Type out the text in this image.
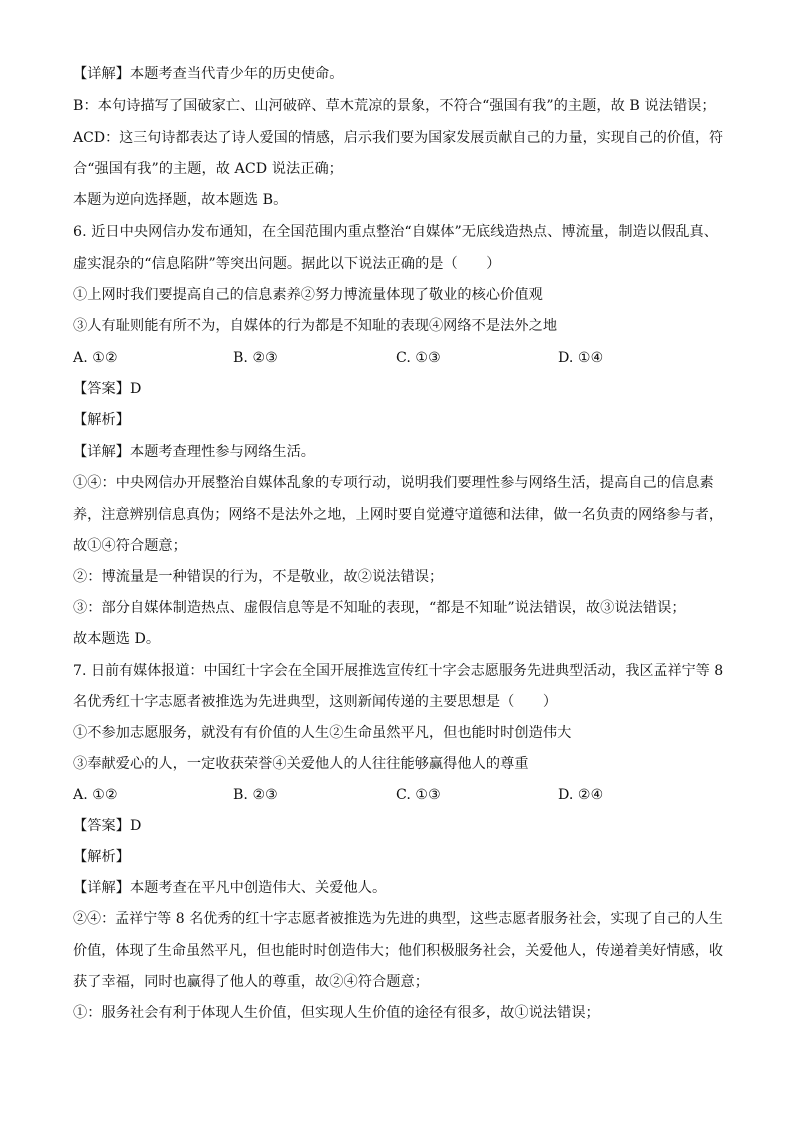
【详解】本题考查当代青少年的历史使命。
B：本句诗描写了国破家亡、山河破碎、草木荒凉的景象，不符合“强国有我”的主题，故 B 说法错误；
ACD：这三句诗都表达了诗人爱国的情感，启示我们要为国家发展贡献自己的力量，实现自己的价值，符
合“强国有我”的主题，故 ACD 说法正确；
本题为逆向选择题，故本题选 B。
6. 近日中央网信办发布通知，在全国范围内重点整治“自媒体”无底线造热点、博流量，制造以假乱真、
虚实混杂的“信息陷阱”等突出问题。据此以下说法正确的是（　　）
①上网时我们要提高自己的信息素养②努力博流量体现了敬业的核心价值观
③人有耻则能有所不为，自媒体的行为都是不知耻的表现④网络不是法外之地
A. ①②	B. ②③	C. ①③	D. ①④
【答案】D
【解析】
【详解】本题考查理性参与网络生活。
①④：中央网信办开展整治自媒体乱象的专项行动，说明我们要理性参与网络生活，提高自己的信息素
养，注意辨别信息真伪；网络不是法外之地，上网时要自觉遵守道德和法律，做一名负责的网络参与者，
故①④符合题意；
②：博流量是一种错误的行为，不是敬业，故②说法错误；
③：部分自媒体制造热点、虚假信息等是不知耻的表现，“都是不知耻”说法错误，故③说法错误；
故本题选 D。
7. 日前有媒体报道：中国红十字会在全国开展推选宣传红十字会志愿服务先进典型活动，我区孟祥宁等 8
名优秀红十字志愿者被推选为先进典型，这则新闻传递的主要思想是（　　）
①不参加志愿服务，就没有有价值的人生②生命虽然平凡，但也能时时创造伟大
③奉献爱心的人，一定收获荣誉④关爱他人的人往往能够赢得他人的尊重
A. ①②	B. ②③	C. ①③	D. ②④
【答案】D
【解析】
【详解】本题考查在平凡中创造伟大、关爱他人。
②④：孟祥宁等 8 名优秀的红十字志愿者被推选为先进的典型，这些志愿者服务社会，实现了自己的人生
价值，体现了生命虽然平凡，但也能时时创造伟大；他们积极服务社会，关爱他人，传递着美好情感，收
获了幸福，同时也赢得了他人的尊重，故②④符合题意；
①：服务社会有利于体现人生价值，但实现人生价值的途径有很多，故①说法错误；
